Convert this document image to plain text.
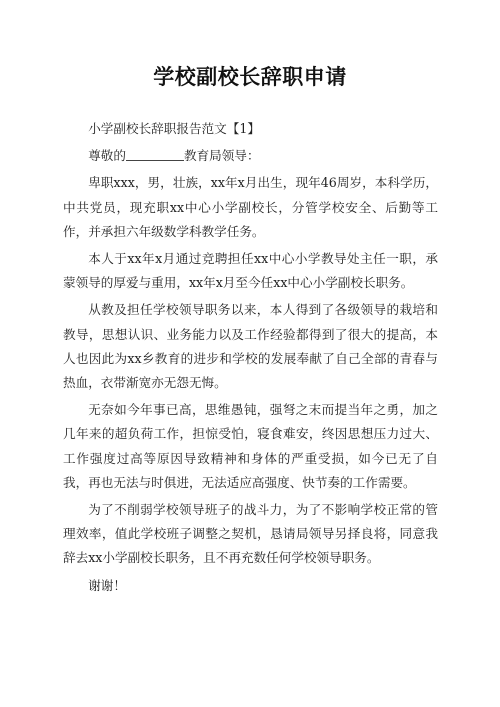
学校副校长辞职申请

小学副校长辞职报告范文【1】

尊敬的	教育局领导：

卑职xxx，男，壮族，xx年x月出生，现年46周岁，本科学历，中共党员，现充职xx中心小学副校长，分管学校安全、后勤等工作，并承担六年级数学科教学任务。

本人于xx年x月通过竞聘担任xx中心小学教导处主任一职，承蒙领导的厚爱与重用，xx年x月至今任xx中心小学副校长职务。

从教及担任学校领导职务以来，本人得到了各级领导的栽培和教导，思想认识、业务能力以及工作经验都得到了很大的提高，本人也因此为xx乡教育的进步和学校的发展奉献了自己全部的青春与热血，衣带渐宽亦无怨无悔。

无奈如今年事已高，思维愚钝，强弩之末而提当年之勇，加之几年来的超负荷工作，担惊受怕，寝食难安，终因思想压力过大、工作强度过高等原因导致精神和身体的严重受损，如今已无了自我，再也无法与时俱进，无法适应高强度、快节奏的工作需要。

为了不削弱学校领导班子的战斗力，为了不影响学校正常的管理效率，值此学校班子调整之契机，恳请局领导另择良将，同意我辞去xx小学副校长职务，且不再充数任何学校领导职务。

谢谢！
